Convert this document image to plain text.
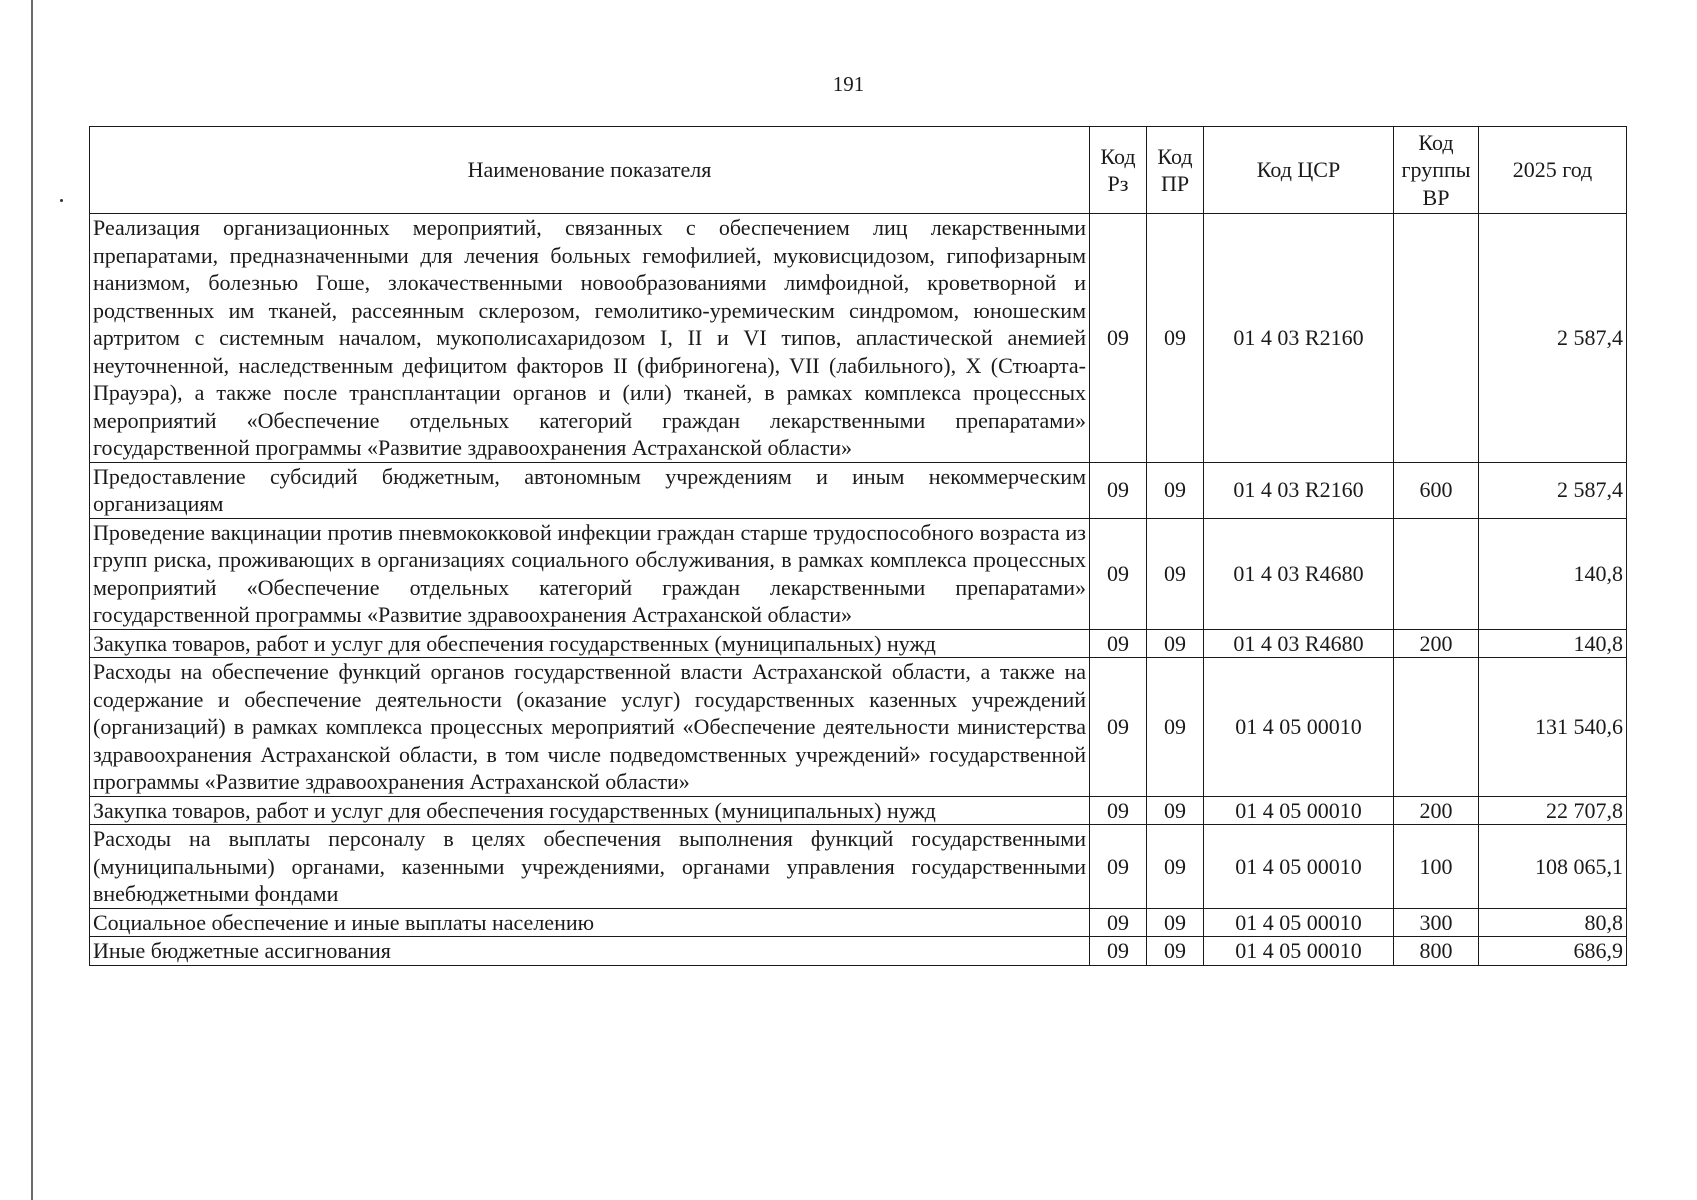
191
Наименование показателя	Код Рз	Код ПР	Код ЦСР	Код группы ВР	2025 год
Реализация организационных мероприятий, связанных с обеспечением лиц лекарственными препаратами, предназначенными для лечения больных гемофилией, муковисцидозом, гипофизарным нанизмом, болезнью Гоше, злокачественными новообразованиями лимфоидной, кроветворной и родственных им тканей, рассеянным склерозом, гемолитико-уремическим синдромом, юношеским артритом с системным началом, мукополисахаридозом I, II и VI типов, апластической анемией неуточненной, наследственным дефицитом факторов II (фибриногена), VII (лабильного), X (Стюарта-Прауэра), а также после трансплантации органов и (или) тканей, в рамках комплекса процессных мероприятий «Обеспечение отдельных категорий граждан лекарственными препаратами» государственной программы «Развитие здравоохранения Астраханской области»	09	09	01 4 03 R2160		2 587,4
Предоставление субсидий бюджетным, автономным учреждениям и иным некоммерческим организациям	09	09	01 4 03 R2160	600	2 587,4
Проведение вакцинации против пневмококковой инфекции граждан старше трудоспособного возраста из групп риска, проживающих в организациях социального обслуживания, в рамках комплекса процессных мероприятий «Обеспечение отдельных категорий граждан лекарственными препаратами» государственной программы «Развитие здравоохранения Астраханской области»	09	09	01 4 03 R4680		140,8
Закупка товаров, работ и услуг для обеспечения государственных (муниципальных) нужд	09	09	01 4 03 R4680	200	140,8
Расходы на обеспечение функций органов государственной власти Астраханской области, а также на содержание и обеспечение деятельности (оказание услуг) государственных казенных учреждений (организаций) в рамках комплекса процессных мероприятий «Обеспечение деятельности министерства здравоохранения Астраханской области, в том числе подведомственных учреждений» государственной программы «Развитие здравоохранения Астраханской области»	09	09	01 4 05 00010		131 540,6
Закупка товаров, работ и услуг для обеспечения государственных (муниципальных) нужд	09	09	01 4 05 00010	200	22 707,8
Расходы на выплаты персоналу в целях обеспечения выполнения функций государственными (муниципальными) органами, казенными учреждениями, органами управления государственными внебюджетными фондами	09	09	01 4 05 00010	100	108 065,1
Социальное обеспечение и иные выплаты населению	09	09	01 4 05 00010	300	80,8
Иные бюджетные ассигнования	09	09	01 4 05 00010	800	686,9
